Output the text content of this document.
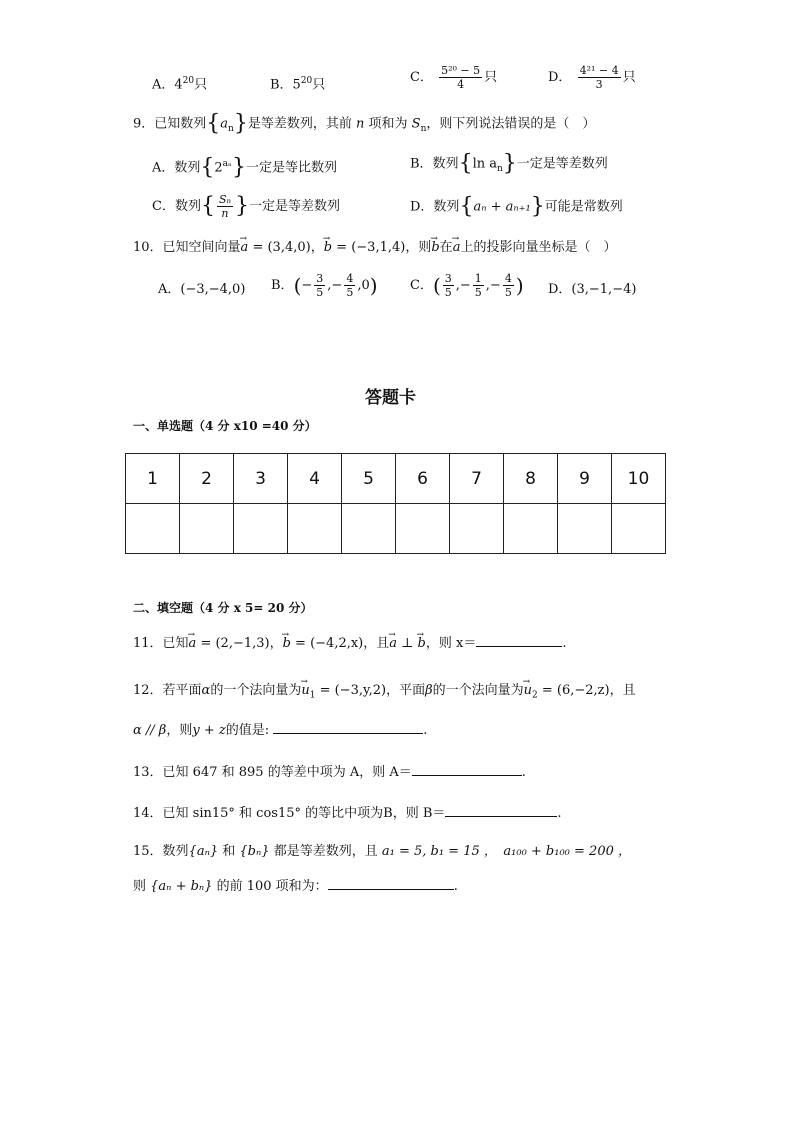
A．$4^{20}$只	B．$5^{20}$只	C． $\frac{\text{5²⁰ − 5}}{4}$ 只	D． $\frac{\text{4²¹ − 4}}{3}$ 只
9．已知数列$\{a_n\}$是等差数列，其前 n 项和为 $S_n$，则下列说法错误的是（　）
A．数列$\{2^{a_n}\}$一定是等比数列	B．数列{ln $a_n$}一定是等差数列
C．数列{ $\frac{\text{Sₙ}}{n}$ }一定是等差数列	D．数列{aₙ + aₙ₊₁}可能是常数列
10．已知空间向量→ a = (3,4,0)，→ b = (−3,1,4)，则→ b在→ a上的投影向量坐标是（　）
A．(−3,−4,0) B．(− $\frac{3}{5}$ ,− $\frac{4}{5} ,0$) C．( $\frac{3}{5}$ ,− $\frac{1}{5}$ ,− $\frac{4}{5}$ ) D．(3,−1,−4)
答题卡
一、单选题（4 分 x10 =40 分）
1	2	3	4	5	6	7	8	9	10

二、填空题（4 分 x 5= 20 分）
11．已知→ a = (2,−1,3)，→ b = (−4,2,x)，且→ a ⊥ → b，则 x＝	.
12．若平面α的一个法向量为→ $u_1 = (-3,y,2)$，平面β的一个法向量为→ $u_2 = (6,-2,z)$，且
α // β，则y + z的值是:	.
13．已知 647 和 895 的等差中项为 A，则 A＝	.
14．已知 sin15° 和 cos15° 的等比中项为B，则 B＝	.
15．数列{aₙ} 和 {bₙ} 都是等差数列，且 a₁ = 5, b₁ = 15 ，　 a₁₀₀ + b₁₀₀ = 200 ，
则 {aₙ + bₙ} 的前 100 项和为：	.
